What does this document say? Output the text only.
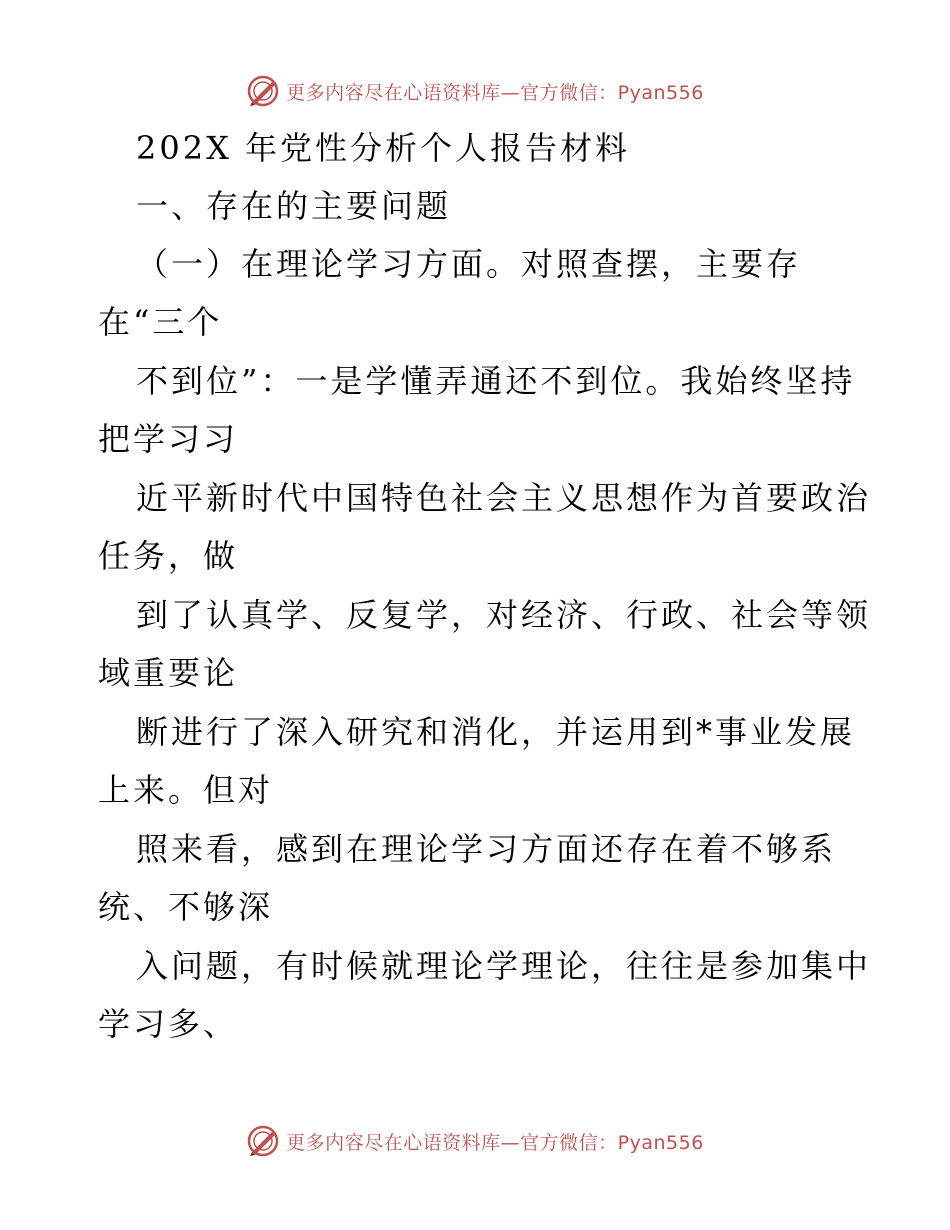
更多内容尽在心语资料库—官方微信：Pyan556
202X 年党性分析个人报告材料
一、存在的主要问题
（一）在理论学习方面。对照查摆，主要存
在“三个
不到位”：一是学懂弄通还不到位。我始终坚持
把学习习
近平新时代中国特色社会主义思想作为首要政治
任务，做
到了认真学、反复学，对经济、行政、社会等领
域重要论
断进行了深入研究和消化，并运用到*事业发展
上来。但对
照来看，感到在理论学习方面还存在着不够系
统、不够深
入问题，有时候就理论学理论，往往是参加集中
学习多、
更多内容尽在心语资料库—官方微信：Pyan556
